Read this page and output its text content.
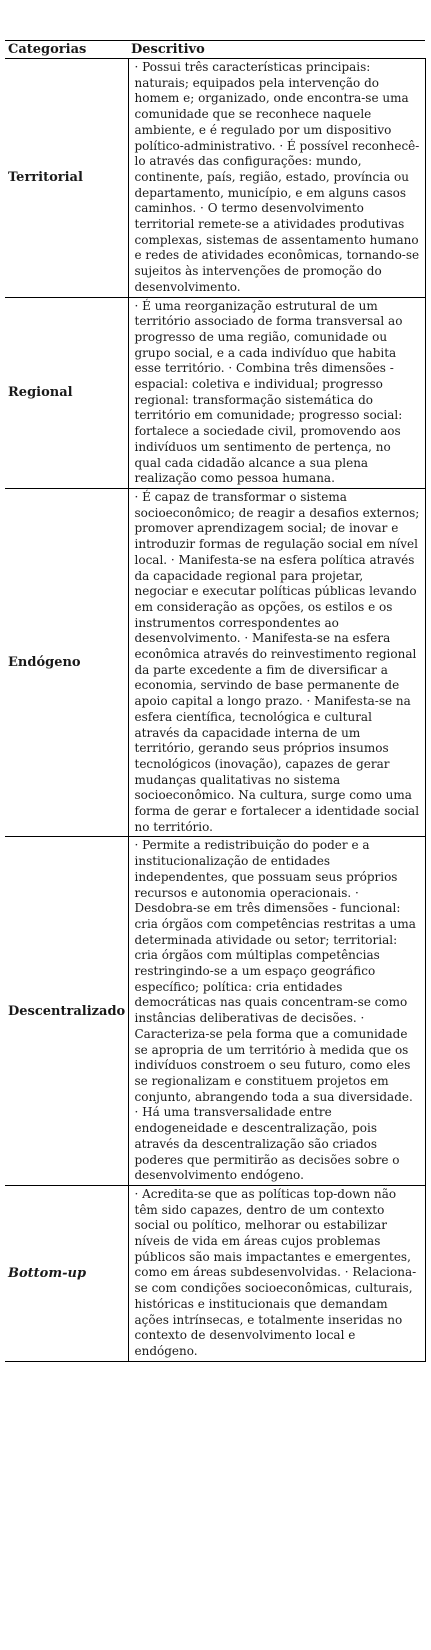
Categorias	Descritivo
Territorial	· Possui três características principais: naturais; equipados pela intervenção do homem e; organizado, onde encontra-se uma comunidade que se reconhece naquele ambiente, e é regulado por um dispositivo político-administrativo. · É possível reconhecê-lo através das configurações: mundo, continente, país, região, estado, província ou departamento, município, e em alguns casos caminhos. · O termo desenvolvimento territorial remete-se a atividades produtivas complexas, sistemas de assentamento humano e redes de atividades econômicas, tornando-se sujeitos às intervenções de promoção do desenvolvimento.
Regional	· É uma reorganização estrutural de um território associado de forma transversal ao progresso de uma região, comunidade ou grupo social, e a cada indivíduo que habita esse território. · Combina três dimensões - espacial: coletiva e individual; progresso regional: transformação sistemática do território em comunidade; progresso social: fortalece a sociedade civil, promovendo aos indivíduos um sentimento de pertença, no qual cada cidadão alcance a sua plena realização como pessoa humana.
Endógeno	· É capaz de transformar o sistema socioeconômico; de reagir a desafios externos; promover aprendizagem social; de inovar e introduzir formas de regulação social em nível local. · Manifesta-se na esfera política através da capacidade regional para projetar, negociar e executar políticas públicas levando em consideração as opções, os estilos e os instrumentos correspondentes ao desenvolvimento. · Manifesta-se na esfera econômica através do reinvestimento regional da parte excedente a fim de diversificar a economia, servindo de base permanente de apoio capital a longo prazo. · Manifesta-se na esfera científica, tecnológica e cultural através da capacidade interna de um território, gerando seus próprios insumos tecnológicos (inovação), capazes de gerar mudanças qualitativas no sistema socioeconômico. Na cultura, surge como uma forma de gerar e fortalecer a identidade social no território.
Descentralizado	· Permite a redistribuição do poder e a institucionalização de entidades independentes, que possuam seus próprios recursos e autonomia operacionais. · Desdobra-se em três dimensões - funcional: cria órgãos com competências restritas a uma determinada atividade ou setor; territorial: cria órgãos com múltiplas competências restringindo-se a um espaço geográfico específico; política: cria entidades democráticas nas quais concentram-se como instâncias deliberativas de decisões. · Caracteriza-se pela forma que a comunidade se apropria de um território à medida que os indivíduos constroem o seu futuro, como eles se regionalizam e constituem projetos em conjunto, abrangendo toda a sua diversidade. · Há uma transversalidade entre endogeneidade e descentralização, pois através da descentralização são criados poderes que permitirão as decisões sobre o desenvolvimento endógeno.
Bottom-up	· Acredita-se que as políticas top-down não têm sido capazes, dentro de um contexto social ou político, melhorar ou estabilizar níveis de vida em áreas cujos problemas públicos são mais impactantes e emergentes, como em áreas subdesenvolvidas. · Relaciona-se com condições socioeconômicas, culturais, históricas e institucionais que demandam ações intrínsecas, e totalmente inseridas no contexto de desenvolvimento local e endógeno.
